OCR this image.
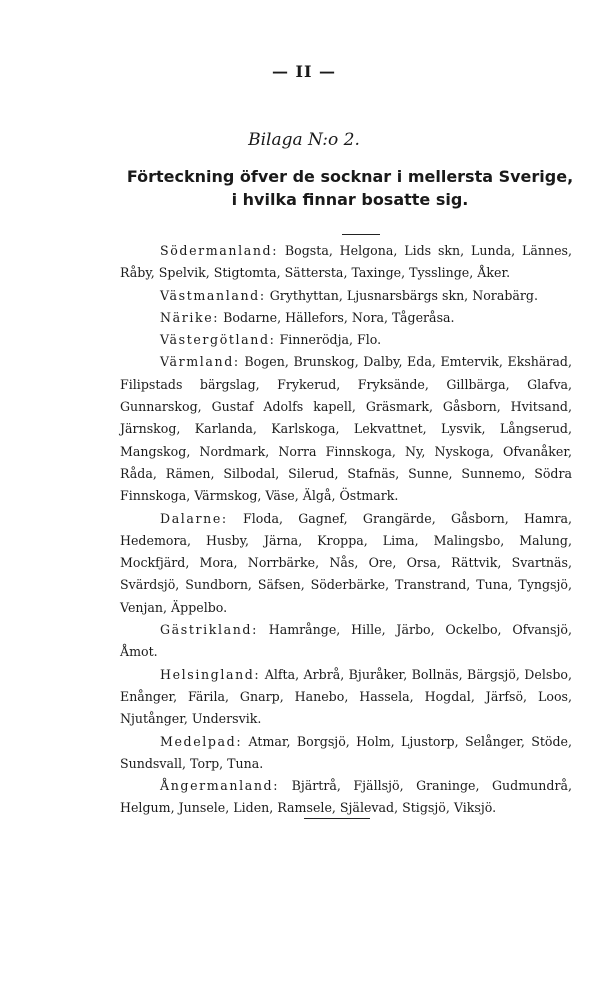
— II —
Bilaga N:o 2.
Förteckning öfver de socknar i mellersta Sverige,
i hvilka finnar bosatte sig.

Södermanland: Bogsta, Helgona, Lids skn, Lunda, Lännes, Råby, Spelvik, Stigtomta, Sättersta, Taxinge, Tysslinge, Åker.

Västmanland: Grythyttan, Ljusnarsbärgs skn, Norabärg.

Närike: Bodarne, Hällefors, Nora, Tågeråsa.

Västergötland: Finnerödja, Flo.

Värmland: Bogen, Brunskog, Dalby, Eda, Emtervik, Ekshärad, Filipstads bärgslag, Frykerud, Fryksände, Gillbärga, Glafva, Gunnarskog, Gustaf Adolfs kapell, Gräsmark, Gåsborn, Hvitsand, Järnskog, Karlanda, Karlskoga, Lekvattnet, Lysvik, Långserud, Mangskog, Nordmark, Norra Finnskoga, Ny, Nyskoga, Ofvanåker, Råda, Rämen, Silbodal, Silerud, Stafnäs, Sunne, Sunnemo, Södra Finnskoga, Värmskog, Väse, Älgå, Östmark.

Dalarne: Floda, Gagnef, Grangärde, Gåsborn, Hamra, Hedemora, Husby, Järna, Kroppa, Lima, Malingsbo, Malung, Mockfjärd, Mora, Norrbärke, Nås, Ore, Orsa, Rättvik, Svartnäs, Svärdsjö, Sundborn, Säfsen, Söderbärke, Transtrand, Tuna, Tyngsjö, Venjan, Äppelbo.

Gästrikland: Hamrånge, Hille, Järbo, Ockelbo, Ofvansjö, Åmot.

Helsingland: Alfta, Arbrå, Bjuråker, Bollnäs, Bärgsjö, Delsbo, Enånger, Färila, Gnarp, Hanebo, Hassela, Hogdal, Järfsö, Loos, Njutånger, Undersvik.

Medelpad: Atmar, Borgsjö, Holm, Ljustorp, Selånger, Stöde, Sundsvall, Torp, Tuna.

Ångermanland: Bjärtrå, Fjällsjö, Graninge, Gudmundrå, Helgum, Junsele, Liden, Ramsele, Själevad, Stigsjö, Viksjö.
